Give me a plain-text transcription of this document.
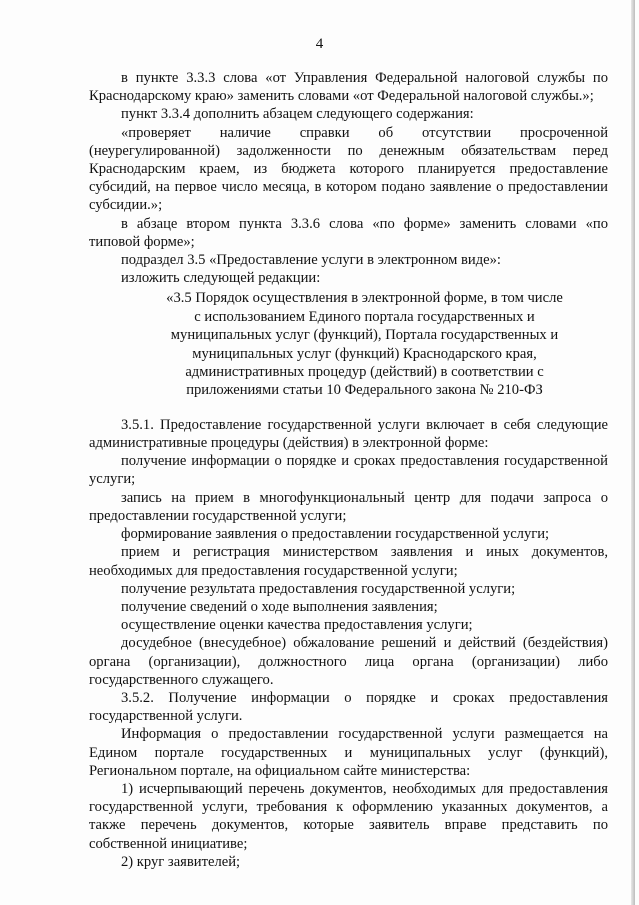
4

в пункте 3.3.3 слова «от Управления Федеральной налоговой службы по Краснодарскому краю» заменить словами «от Федеральной налоговой службы.»;

пункт 3.3.4 дополнить абзацем следующего содержания:

«проверяет наличие справки об отсутствии просроченной (неурегулированной) задолженности по денежным обязательствам перед Краснодарским краем, из бюджета которого планируется предоставление субсидий, на первое число месяца, в котором подано заявление о предоставлении субсидии.»;

в абзаце втором пункта 3.3.6 слова «по форме» заменить словами «по типовой форме»;

подраздел 3.5 «Предоставление услуги в электронном виде»:

изложить следующей редакции:

«3.5 Порядок осуществления в электронной форме, в том числе
с использованием Единого портала государственных и
муниципальных услуг (функций), Портала государственных и
муниципальных услуг (функций) Краснодарского края,
административных процедур (действий) в соответствии с
приложениями статьи 10 Федерального закона № 210-ФЗ

3.5.1. Предоставление государственной услуги включает в себя следующие административные процедуры (действия) в электронной форме:

получение информации о порядке и сроках предоставления государственной услуги;

запись на прием в многофункциональный центр для подачи запроса о предоставлении государственной услуги;

формирование заявления о предоставлении государственной услуги;

прием и регистрация министерством заявления и иных документов, необходимых для предоставления государственной услуги;

получение результата предоставления государственной услуги;

получение сведений о ходе выполнения заявления;

осуществление оценки качества предоставления услуги;

досудебное (внесудебное) обжалование решений и действий (бездействия) органа (организации), должностного лица органа (организации) либо государственного служащего.

3.5.2. Получение информации о порядке и сроках предоставления государственной услуги.

Информация о предоставлении государственной услуги размещается на Едином портале государственных и муниципальных услуг (функций), Региональном портале, на официальном сайте министерства:

1) исчерпывающий перечень документов, необходимых для предоставления государственной услуги, требования к оформлению указанных документов, а также перечень документов, которые заявитель вправе представить по собственной инициативе;

2) круг заявителей;
